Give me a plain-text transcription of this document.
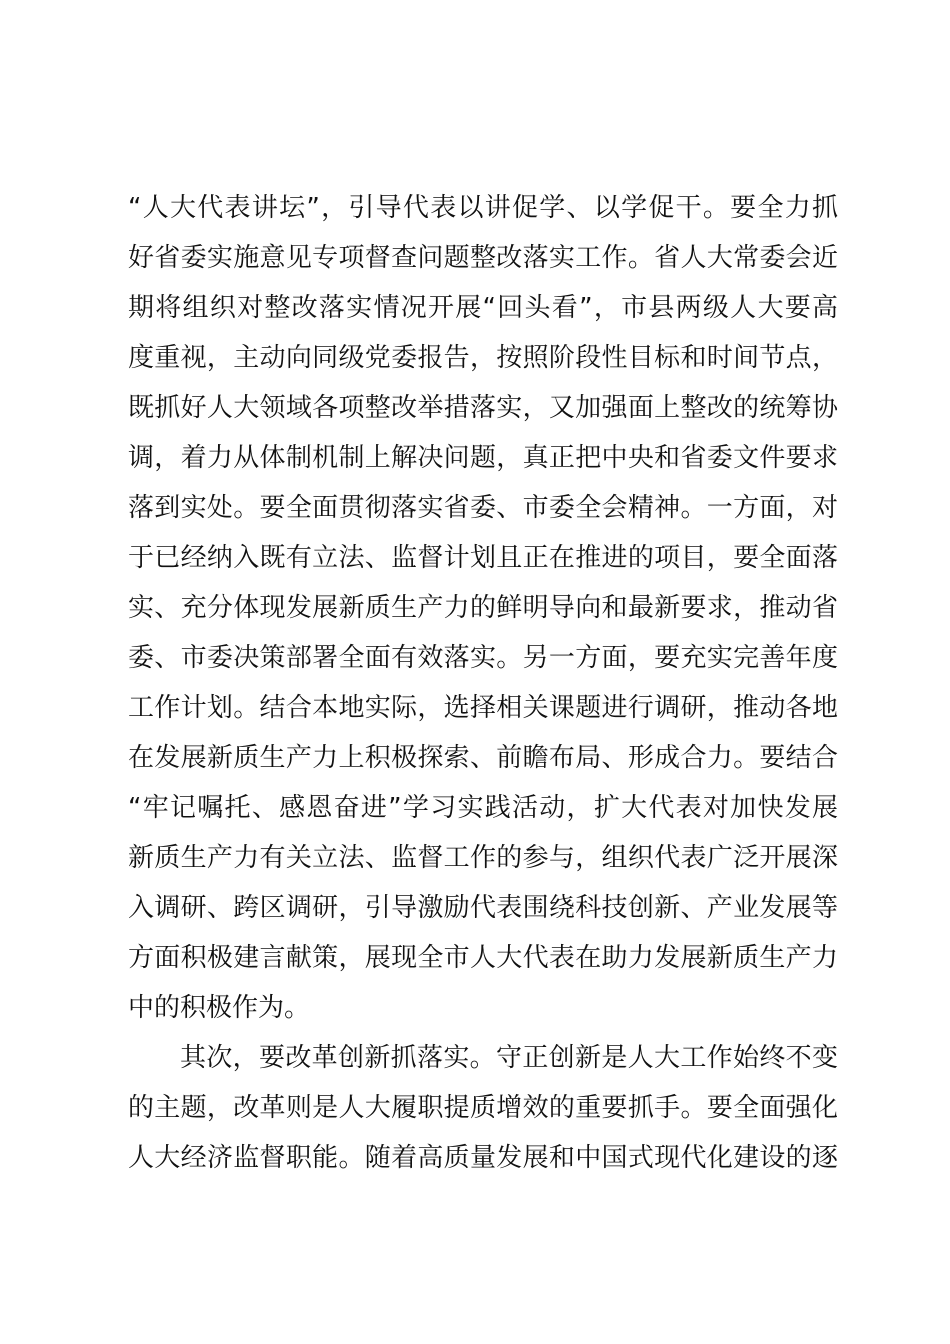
“人大代表讲坛”，引导代表以讲促学、以学促干。要全力抓
好省委实施意见专项督查问题整改落实工作。省人大常委会近
期将组织对整改落实情况开展“回头看”，市县两级人大要高
度重视，主动向同级党委报告，按照阶段性目标和时间节点，
既抓好人大领域各项整改举措落实，又加强面上整改的统筹协
调，着力从体制机制上解决问题，真正把中央和省委文件要求
落到实处。要全面贯彻落实省委、市委全会精神。一方面，对
于已经纳入既有立法、监督计划且正在推进的项目，要全面落
实、充分体现发展新质生产力的鲜明导向和最新要求，推动省
委、市委决策部署全面有效落实。另一方面，要充实完善年度
工作计划。结合本地实际，选择相关课题进行调研，推动各地
在发展新质生产力上积极探索、前瞻布局、形成合力。要结合
“牢记嘱托、感恩奋进”学习实践活动，扩大代表对加快发展
新质生产力有关立法、监督工作的参与，组织代表广泛开展深
入调研、跨区调研，引导激励代表围绕科技创新、产业发展等
方面积极建言献策，展现全市人大代表在助力发展新质生产力
中的积极作为。
其次，要改革创新抓落实。守正创新是人大工作始终不变
的主题，改革则是人大履职提质增效的重要抓手。要全面强化
人大经济监督职能。随着高质量发展和中国式现代化建设的逐
